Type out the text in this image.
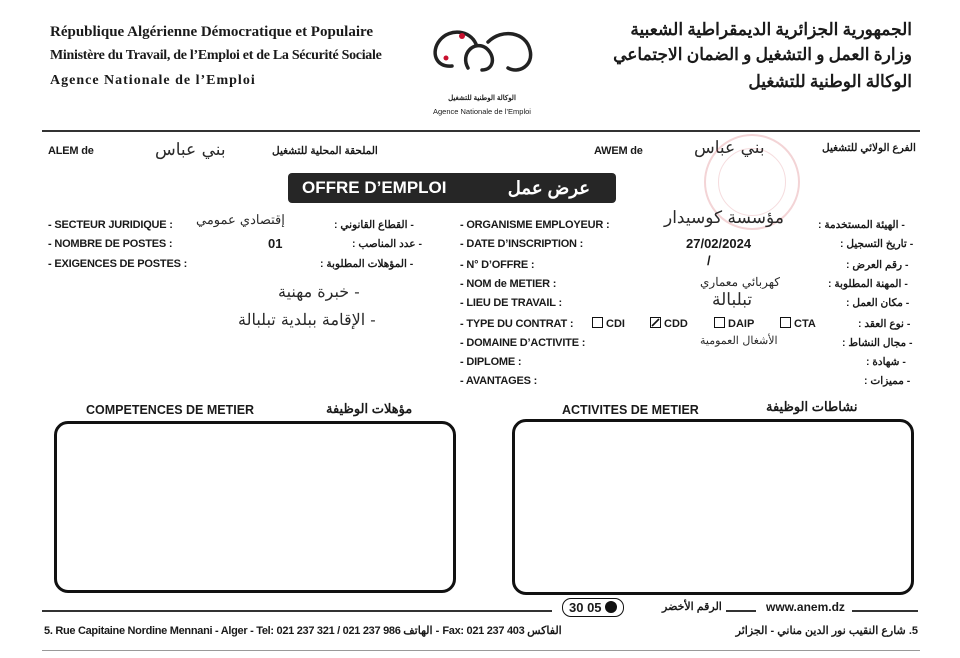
République Algérienne Démocratique et Populaire
Ministère du Travail, de l’Emploi et de La Sécurité Sociale
Agence Nationale de l’Emploi
الجمهورية الجزائرية الديمقراطية الشعبية
وزارة العمل و التشغيل و الضمان الاجتماعي
الوكالة الوطنية للتشغيل
الوكالة الوطنية للتشغيل
Agence Nationale de l’Emploi
ALEM de	بني عباس	الملحقة المحلية للتشغيل	AWEM de	بني عباس	الفرع الولائي للتشغيل
OFFRE D’EMPLOI	عرض عمل
- SECTEUR JURIDIQUE : إقتصادي عمومي	- القطاع القانوني :
- NOMBRE DE POSTES :	01	- عدد المناصب :
- EXIGENCES DE POSTES :	- المؤهلات المطلوبة :
- خبرة مهنية
- الإقامة ببلدية تبلبالة
- ORGANISME EMPLOYEUR :	مؤسسة كوسيدار	- الهيئة المستخدمة :
- DATE D’INSCRIPTION :	27/02/2024	- تاريخ التسجيل :
- N° D’OFFRE :	/	- رقم العرض :
- NOM de METIER :	كهربائي معماري	- المهنة المطلوبة :
- LIEU DE TRAVAIL :	تبلبالة	- مكان العمل :
- TYPE DU CONTRAT :	CDI	CDD	DAIP	CTA	- نوع العقد :
- DOMAINE D’ACTIVITE :	الأشغال العمومية	- مجال النشاط :
- DIPLOME :	- شهادة :
- AVANTAGES :	- مميزات :
COMPETENCES DE METIER	مؤهلات الوظيفة	ACTIVITES DE METIER	نشاطات الوظيفة
الرقم الأخضر
30 05	www.anem.dz
5. Rue Capitaine Nordine Mennani - Alger - Tel: 021 237 321 / 021 237 986 الهاتف - Fax: 021 237 403 الفاكس	5. شارع النقيب نور الدين مناني - الجزائر
